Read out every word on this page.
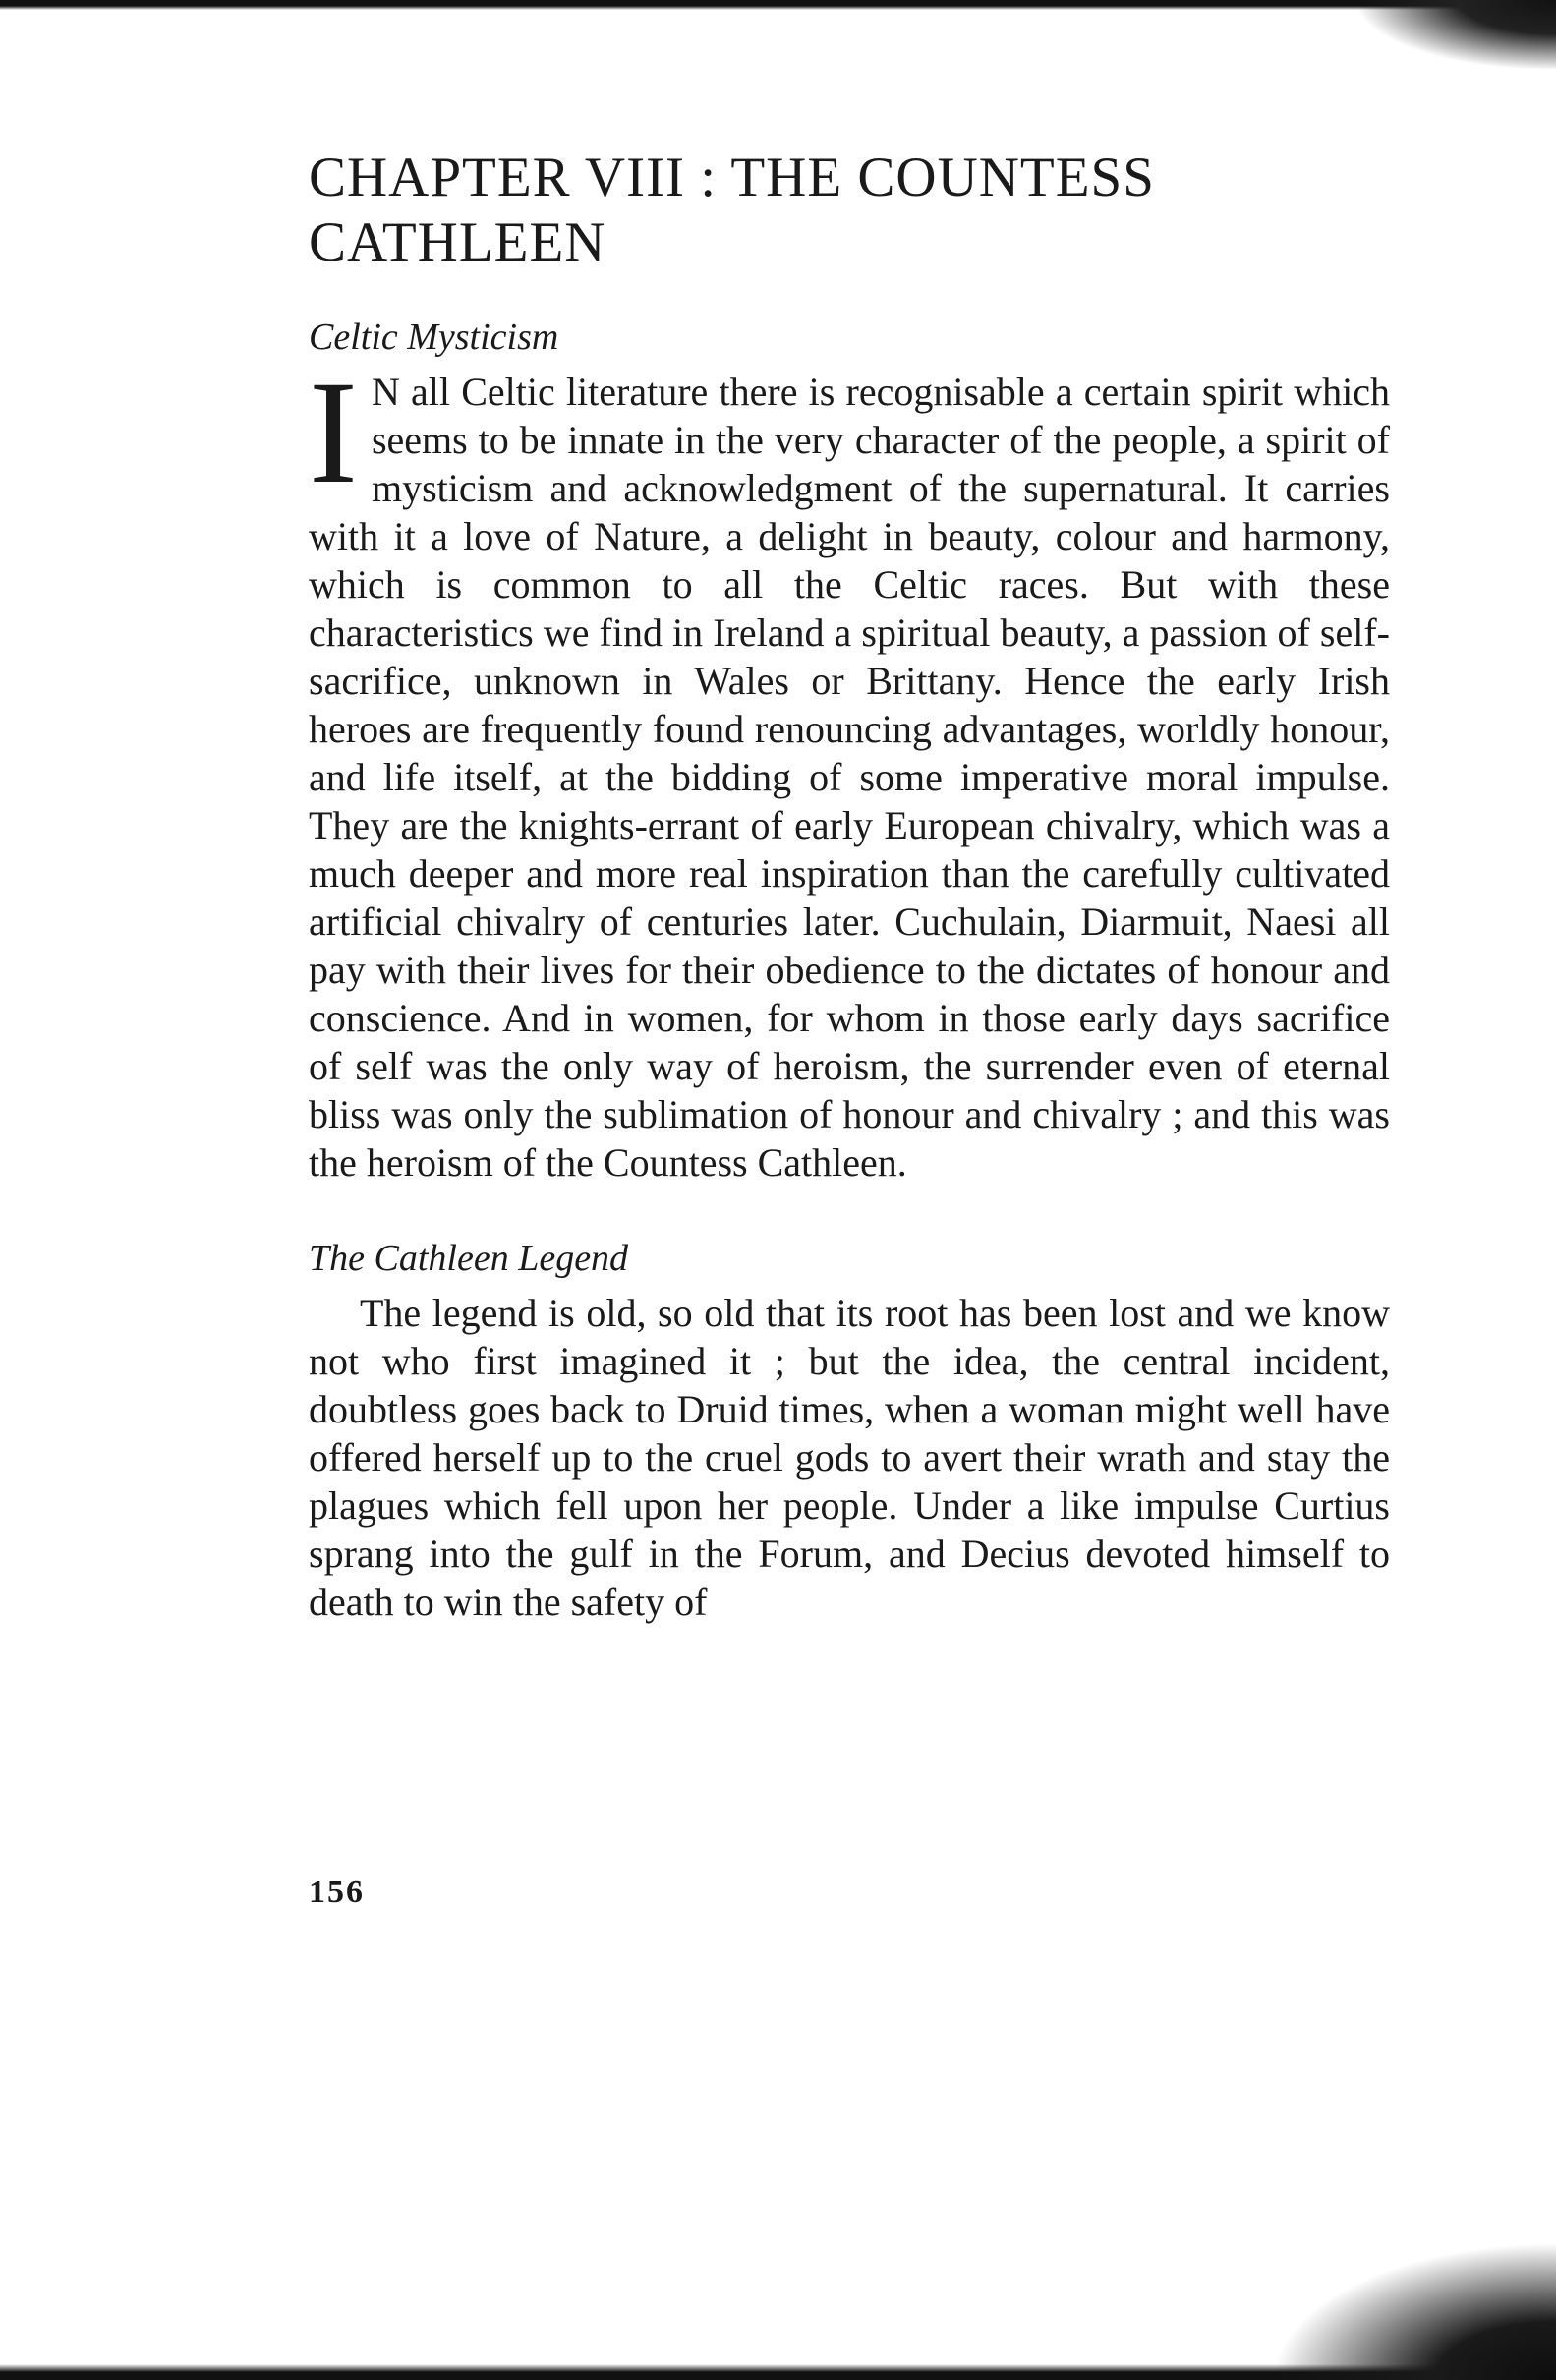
CHAPTER VIII : THE COUNTESS CATHLEEN
Celtic Mysticism

I N all Celtic literature there is recognisable a certain spirit which seems to be innate in the very character of the people, a spirit of mysticism and acknowledgment of the supernatural. It carries with it a love of Nature, a delight in beauty, colour and harmony, which is common to all the Celtic races. But with these characteristics we find in Ireland a spiritual beauty, a passion of self-sacrifice, unknown in Wales or Brittany. Hence the early Irish heroes are frequently found renouncing advantages, worldly honour, and life itself, at the bidding of some imperative moral impulse. They are the knights-errant of early European chivalry, which was a much deeper and more real inspiration than the carefully cultivated artificial chivalry of centuries later. Cuchulain, Diarmuit, Naesi all pay with their lives for their obedience to the dictates of honour and conscience. And in women, for whom in those early days sacrifice of self was the only way of heroism, the surrender even of eternal bliss was only the sublimation of honour and chivalry ; and this was the heroism of the Countess Cathleen.

The Cathleen Legend

The legend is old, so old that its root has been lost and we know not who first imagined it ; but the idea, the central incident, doubtless goes back to Druid times, when a woman might well have offered herself up to the cruel gods to avert their wrath and stay the plagues which fell upon her people. Under a like impulse Curtius sprang into the gulf in the Forum, and Decius devoted himself to death to win the safety of

156
